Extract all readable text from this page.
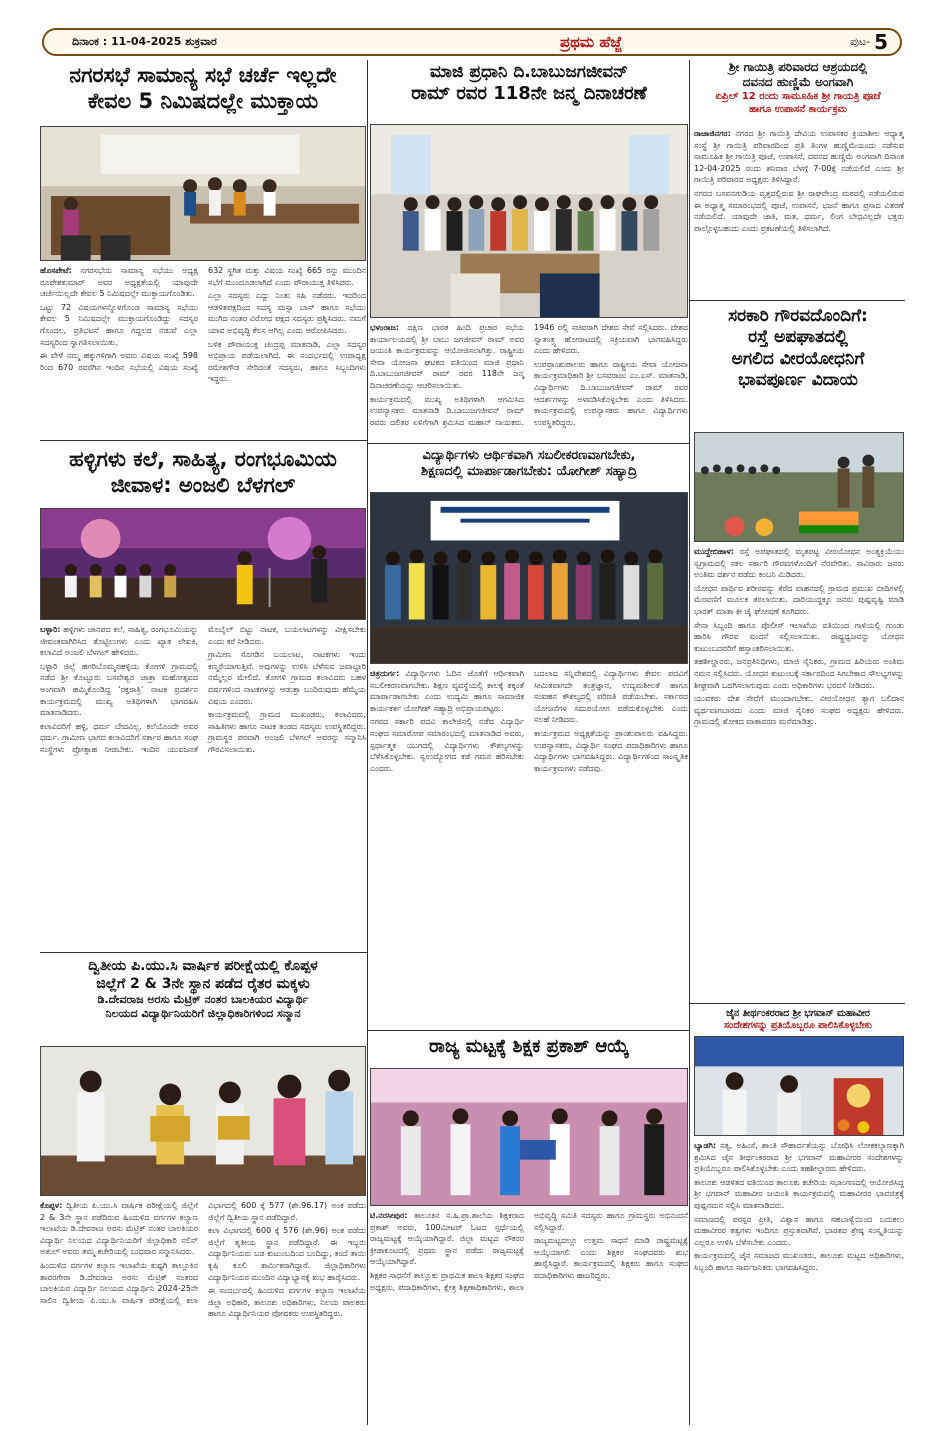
ದಿನಾಂಕ : 11-04-2025 ಶುಕ್ರವಾರ	ಪ್ರಥಮ ಹೆಜ್ಜೆ	ಪುಟ- 5
ನಗರಸಭೆ ಸಾಮಾನ್ಯ ಸಭೆ ಚರ್ಚೆ ಇಲ್ಲದೇ
ಕೇವಲ 5 ನಿಮಿಷದಲ್ಲೇ ಮುಕ್ತಾಯ

ಹೊಸಪೇಟೆ: ನಗರಸಭೆಯ ಸಾಮಾನ್ಯ ಸಭೆಯು ಅಧ್ಯಕ್ಷ ರೂಪೇಶಕುಮಾರ್ ಅವರ ಅಧ್ಯಕ್ಷತೆಯಲ್ಲಿ ಯಾವುದೇ ಚರ್ಚೆಯಿಲ್ಲದೇ ಕೇವಲ 5 ನಿಮಿಷದಲ್ಲೇ ಮುಕ್ತಾಯಗೊಂಡಿತು.

ಒಟ್ಟು 72 ವಿಷಯಗಳನ್ನೊಳಗೊಂಡ ಸಾಮಾನ್ಯ ಸಭೆಯು ಕೇವಲ 5 ನಿಮಿಷದಲ್ಲೇ ಮುಕ್ತಾಯಗೊಂಡಿದ್ದು ಸದಸ್ಯರ ಗೊಂದಲ, ಪ್ರತಿಭಟನೆ ಹಾಗೂ ಗದ್ದಲದ ನಡುವೆ ಎಲ್ಲಾ ಸದಸ್ಯರಿಂದ ಸ್ವಾಗತಿಸಲಾಯಿತು.

ಈ ವೇಳೆ ನಮ್ಮ ಹಕ್ಕುಗಳಿಗಾಗಿ ಅವರು ವಿಷಯ ಸಂಖ್ಯೆ 598 ರಿಂದ 670 ರವರೆಗಿನ ಇಂದಿನ ಸಭೆಯಲ್ಲಿ ವಿಷಯ ಸಂಖ್ಯೆ 632 ಸ್ಥಗಿತ ಮತ್ತು ವಿಷಯ ಸಂಖ್ಯೆ 665 ರನ್ನು ಮುಂದಿನ ಸಭೆಗೆ ಮುಂದೂಡಲಾಗಿದೆ ಎಂದು ಪೌರಾಯುಕ್ತ ತಿಳಿಸಿದರು.

ಎಲ್ಲಾ ಸದಸ್ಯರು ಎದ್ದು ನಿಂತು ಸಹಿ ನಡೆದರು. ಇದರಿಂದ ಆಡಳಿತಪಕ್ಷದಿಂದ ಸದಸ್ಯ ಮಸ್ಸಾ ಬಾಸ್ ಹಾಗೂ ಸಭೆಯು ಮುಗಿದ ನಂತರ ವಿರೋಧ ಪಕ್ಷದ ಸದಸ್ಯರು ಪ್ರಶ್ನಿಸಿದರು. ನಮಗೆ ಯಾವ ಅಭಿವೃದ್ಧಿ ಕೆಲಸ ಆಗಿಲ್ಲ ಎಂದು ಆರೋಪಿಸಿದರು.

ಬಳಿಕ ಪೌರಾಯುಕ್ತ ಚಂದ್ರಪ್ಪ ಮಾತನಾಡಿ, ಎಲ್ಲಾ ಸದಸ್ಯರ ಅಭಿಪ್ರಾಯ ಪಡೆಯಲಾಗಿದೆ. ಈ ಸಂದರ್ಭದಲ್ಲಿ ಉಪಾಧ್ಯಕ್ಷ ರಮೇಶಗೌಡ ಸೇರಿದಂತೆ ಸದಸ್ಯರು, ಹಾಗೂ ಸಿಬ್ಬಂದಿಗಳು ಇದ್ದರು.

ಮಾಜಿ ಪ್ರಧಾನಿ ದಿ.ಬಾಬುಜಗಜೀವನ್
ರಾಮ್ ರವರ 118ನೇ ಜನ್ಮ ದಿನಾಚರಣೆ

ಭಳಂರಾಜ: ದಕ್ಷಿಣ ಭಾರತ ಹಿಂದಿ ಪ್ರಚಾರ ಸಭೆಯ ಕಾರ್ಯಾಲಯದಲ್ಲಿ ಶ್ರೀ ಬಾಬು ಜಗಜೀವನ್ ರಾಮ್ ಅವರ ಜಯಂತಿ ಕಾರ್ಯಕ್ರಮವನ್ನು ಆಯೋಜಿಸಲಾಗಿತ್ತು. ರಾಷ್ಟ್ರೀಯ ಸೇವಾ ಯೋಜನಾ ಘಟಕದ ವತಿಯಿಂದ ಮಾಜಿ ಪ್ರಧಾನಿ ದಿ.ಬಾಬುಜಗಜೀವನ್ ರಾಮ್ ರವರ 118ನೇ ಜನ್ಮ ದಿನಾಚರಣೆಯನ್ನು ಆಚರಿಸಲಾಯಿತು.

ಕಾರ್ಯಕ್ರಮದಲ್ಲಿ ಮುಖ್ಯ ಅತಿಥಿಗಳಾಗಿ ಆಗಮಿಸಿದ ಉಪನ್ಯಾಸಕರು ಮಾತನಾಡಿ ದಿ.ಬಾಬುಜಗಜೀವನ್ ರಾಮ್ ರವರು ದಲಿತರ ಏಳಿಗೆಗಾಗಿ ಶ್ರಮಿಸಿದ ಮಹಾನ್ ನಾಯಕರು. 1946 ರಲ್ಲಿ ಸಚಿವರಾಗಿ ದೇಶದ ಸೇವೆ ಸಲ್ಲಿಸಿದರು. ದೇಶದ ಸ್ವಾತಂತ್ರ್ಯ ಹೋರಾಟದಲ್ಲಿ ಸಕ್ರಿಯವಾಗಿ ಭಾಗವಹಿಸಿದ್ದರು ಎಂದು ಹೇಳಿದರು.

ಉಪಪ್ರಾಂಶುಪಾಲರು ಹಾಗೂ ರಾಷ್ಟ್ರೀಯ ಸೇವಾ ಯೋಜನಾ ಕಾರ್ಯಕ್ರಮಾಧಿಕಾರಿ ಶ್ರೀ ಬಸವರಾಜು ಎಂ.ಎಸ್. ಮಾತನಾಡಿ, ವಿದ್ಯಾರ್ಥಿಗಳು ದಿ.ಬಾಬುಜಗಜೀವನ್ ರಾಮ್ ರವರ ಆದರ್ಶಗಳನ್ನು ಅಳವಡಿಸಿಕೊಳ್ಳಬೇಕು ಎಂದು ತಿಳಿಸಿದರು. ಕಾರ್ಯಕ್ರಮದಲ್ಲಿ ಉಪನ್ಯಾಸಕರು ಹಾಗೂ ವಿದ್ಯಾರ್ಥಿಗಳು ಉಪಸ್ಥಿತರಿದ್ದರು.

ಶ್ರೀ ಗಾಯಿತ್ರಿ ಪರಿವಾರದ ಆಶ್ರಯದಲ್ಲಿ
ದವನದ ಹುಣ್ಣಿಮೆ ಅಂಗವಾಗಿ
ಏಪ್ರಿಲ್ 12 ರಂದು ಸಾಮೂಹಿಕ ಶ್ರೀ ಗಾಯತ್ರಿ ಪೂಜೆ
ಹಾಗೂ ಉಪಾಸನೆ ಕಾರ್ಯಕ್ರಮ

ರಾಜಾಜಿನಗರ: ನಗರದ ಶ್ರೀ ಗಾಯಿತ್ರಿ ದೇವಿಯ ಉಪಾಸಕರ ಕ್ರಿಯಾಶೀಲ ಆಧ್ಯಾತ್ಮ ಸಂಸ್ಥೆ ಶ್ರೀ ಗಾಯಿತ್ರಿ ಪರಿವಾರದಿಂದ ಪ್ರತಿ ತಿಂಗಳ ಹುಣ್ಣಿಮೆಯಂದು ನಡೆಸುವ ಸಾಮೂಹಿಕ ಶ್ರೀ ಗಾಯಿತ್ರಿ ಪೂಜೆ, ಉಪಾಸನೆ, ದವನದ ಹುಣ್ಣಿಮೆ ಅಂಗವಾಗಿ ದಿನಾಂಕ 12-04-2025 ರಂದು ಶನಿವಾರ ಬೆಳಗ್ಗೆ 7-00ಕ್ಕೆ ನಡೆಯಲಿದೆ ಎಂದು ಶ್ರೀ ಗಾಯಿತ್ರಿ ಪರಿವಾರದ ಅಧ್ಯಕ್ಷರು ತಿಳಿಸಿದ್ದಾರೆ.

ನಗರದ ಬಸವನಗುಡಿಯ ವೃತ್ತದಲ್ಲಿರುವ ಶ್ರೀ ರಾಘವೇಂದ್ರ ಮಠದಲ್ಲಿ ನಡೆಯಲಿರುವ ಈ ಅಧ್ಯಾತ್ಮ ಸಮಾರಂಭದಲ್ಲಿ ಪೂಜೆ, ಉಪಾಸನೆ, ಭಜನೆ ಹಾಗೂ ಪ್ರಸಾದ ವಿತರಣೆ ನಡೆಯಲಿದೆ. ಯಾವುದೇ ಜಾತಿ, ಮತ, ಧರ್ಮ, ಲಿಂಗ ಬೇಧವಿಲ್ಲದೇ ಭಕ್ತರು ಪಾಲ್ಗೊಳ್ಳಬಹುದು ಎಂದು ಪ್ರಕಟಣೆಯಲ್ಲಿ ತಿಳಿಸಲಾಗಿದೆ.

ಹಳ್ಳಿಗಳು ಕಲೆ, ಸಾಹಿತ್ಯ, ರಂಗಭೂಮಿಯ
ಜೀವಾಳ: ಅಂಜಲಿ ಬೆಳಗಲ್

ಬಳ್ಳಾರಿ: ಹಳ್ಳಿಗಳು ಜಾನಪದ ಕಲೆ, ಸಾಹಿತ್ಯ, ರಂಗಭೂಮಿಯನ್ನು ಜೀವಂತವಾಗಿರಿಸಿದ ತೊಟ್ಟಿಲುಗಳು ಎಂದು ಖ್ಯಾತ ಲೇಖಕಿ, ಕಲಾವಿದೆ ಅಂಜಲಿ ಬೆಳಗಲ್ ಹೇಳಿದರು.

ಬಳ್ಳಾರಿ ಜಿಲ್ಲೆ ಹಗರಿಬೊಮ್ಮನಹಳ್ಳಿಯ ಕೋಗಳಿ ಗ್ರಾಮದಲ್ಲಿ ನಡೆದ ಶ್ರೀ ಕೊಟ್ಟೂರು ಬಸವೇಶ್ವರ ಜಾತ್ರಾ ಮಹೋತ್ಸವದ ಅಂಗವಾಗಿ ಹಮ್ಮಿಕೊಂಡಿದ್ದ ‘ರಕ್ತರಾತ್ರಿ’ ನಾಟಕ ಪ್ರದರ್ಶನ ಕಾರ್ಯಕ್ರಮದಲ್ಲಿ ಮುಖ್ಯ ಅತಿಥಿಗಳಾಗಿ ಭಾಗವಹಿಸಿ ಮಾತನಾಡಿದರು.

ಕಲಾವಿದರಿಗೆ ಹಳ್ಳಿ, ಧರ್ಮ ಬೇದವಿಲ್ಲ. ಕಲೆಯೊಂದೇ ಅವರ ಧರ್ಮ. ಗ್ರಾಮೀಣ ಭಾಗದ ಕಲಾವಿದರಿಗೆ ಸರ್ಕಾರ ಹಾಗೂ ಸಂಘ ಸಂಸ್ಥೆಗಳು ಪ್ರೋತ್ಸಾಹ ನೀಡಬೇಕು. ಇಂದಿನ ಯುವಜನತೆ ಮೊಬೈಲ್ ಬಿಟ್ಟು ನಾಟಕ, ಬಯಲಾಟಗಳನ್ನು ವೀಕ್ಷಿಸಬೇಕು ಎಂದು ಕರೆ ನೀಡಿದರು.

ಗ್ರಾಮೀಣ ಸೊಗಡಿನ ಬಯಲಾಟ, ನಾಟಕಗಳು ಇಂದು ಕಣ್ಮರೆಯಾಗುತ್ತಿವೆ. ಅವುಗಳನ್ನು ಉಳಿಸಿ ಬೆಳೆಸುವ ಜವಾಬ್ದಾರಿ ನಮ್ಮೆಲ್ಲರ ಮೇಲಿದೆ. ಕೋಗಳಿ ಗ್ರಾಮದ ಕಲಾವಿದರು ಬಹಳ ವರ್ಷಗಳಿಂದ ನಾಟಕಗಳನ್ನು ಆಡುತ್ತಾ ಬಂದಿರುವುದು ಹೆಮ್ಮೆಯ ವಿಷಯ ಎಂದರು.

ಕಾರ್ಯಕ್ರಮದಲ್ಲಿ ಗ್ರಾಮದ ಮುಖಂಡರು, ಕಲಾವಿದರು, ಸಾಹಿತಿಗಳು ಹಾಗೂ ನಾಟಕ ತಂಡದ ಸದಸ್ಯರು ಉಪಸ್ಥಿತರಿದ್ದರು. ಗ್ರಾಮಸ್ಥರ ಪರವಾಗಿ ಅಂಜಲಿ ಬೆಳಗಲ್ ಅವರನ್ನು ಸನ್ಮಾನಿಸಿ ಗೌರವಿಸಲಾಯಿತು.

ವಿದ್ಯಾರ್ಥಿಗಳು ಆರ್ಥಿಕವಾಗಿ ಸಬಲೀಕರಣವಾಗಬೇಕು,
ಶಿಕ್ಷಣದಲ್ಲಿ ಮಾರ್ಪಾಡಾಗಬೇಕು: ಯೋಗೀಶ್ ಸಹ್ಯಾದ್ರಿ

ಚಿತ್ರದುರ್ಗ: ವಿದ್ಯಾರ್ಥಿಗಳು ಓದಿನ ಜೊತೆಗೆ ಆರ್ಥಿಕವಾಗಿ ಸಬಲೀಕರಣವಾಗಬೇಕು. ಶಿಕ್ಷಣ ವ್ಯವಸ್ಥೆಯಲ್ಲಿ ಕಾಲಕ್ಕೆ ತಕ್ಕಂತೆ ಮಾರ್ಪಾಡಾಗಬೇಕು ಎಂದು ಉದ್ಯಮಿ ಹಾಗೂ ಸಾಮಾಜಿಕ ಕಾರ್ಯಕರ್ತ ಯೋಗೀಶ್ ಸಹ್ಯಾದ್ರಿ ಅಭಿಪ್ರಾಯಪಟ್ಟರು.

ನಗರದ ಸರ್ಕಾರಿ ಪದವಿ ಕಾಲೇಜಿನಲ್ಲಿ ನಡೆದ ವಿದ್ಯಾರ್ಥಿ ಸಂಘದ ಸಮಾರೋಪ ಸಮಾರಂಭದಲ್ಲಿ ಮಾತನಾಡಿದ ಅವರು, ಸ್ಪರ್ಧಾತ್ಮಕ ಯುಗದಲ್ಲಿ ವಿದ್ಯಾರ್ಥಿಗಳು ಕೌಶಲ್ಯಗಳನ್ನು ಬೆಳೆಸಿಕೊಳ್ಳಬೇಕು. ಸ್ವಉದ್ಯೋಗದ ಕಡೆ ಗಮನ ಹರಿಸಬೇಕು ಎಂದರು.

ಬದಲಾದ ಸನ್ನಿವೇಶದಲ್ಲಿ ವಿದ್ಯಾರ್ಥಿಗಳು ಕೇವಲ ಪದವಿಗೆ ಸೀಮಿತವಾಗದೇ ತಂತ್ರಜ್ಞಾನ, ಉದ್ಯಮಶೀಲತೆ ಹಾಗೂ ಸಂವಹನ ಕೌಶಲ್ಯದಲ್ಲಿ ಪರಿಣತಿ ಪಡೆಯಬೇಕು. ಸರ್ಕಾರದ ಯೋಜನೆಗಳ ಸದುಪಯೋಗ ಪಡೆದುಕೊಳ್ಳಬೇಕು ಎಂದು ಸಲಹೆ ನೀಡಿದರು.

ಕಾರ್ಯಕ್ರಮದ ಅಧ್ಯಕ್ಷತೆಯನ್ನು ಪ್ರಾಂಶುಪಾಲರು ವಹಿಸಿದ್ದರು. ಉಪನ್ಯಾಸಕರು, ವಿದ್ಯಾರ್ಥಿ ಸಂಘದ ಪದಾಧಿಕಾರಿಗಳು ಹಾಗೂ ವಿದ್ಯಾರ್ಥಿಗಳು ಭಾಗವಹಿಸಿದ್ದರು. ವಿದ್ಯಾರ್ಥಿಗಳಿಂದ ಸಾಂಸ್ಕೃತಿಕ ಕಾರ್ಯಕ್ರಮಗಳು ನಡೆದವು.

ಸರಕಾರಿ ಗೌರವದೊಂದಿಗೆ:
ರಸ್ತೆ ಅಪಘಾತದಲ್ಲಿ
ಅಗಲಿದ ವೀರಯೋಧನಿಗೆ
ಭಾವಪೂರ್ಣ ವಿದಾಯ

ಮುದ್ದೇಬಿಹಾಳ: ರಸ್ತೆ ಅಪಘಾತದಲ್ಲಿ ಮೃತಪಟ್ಟ ವೀರಯೋಧನ ಅಂತ್ಯಕ್ರಿಯೆಯು ಸ್ವಗ್ರಾಮದಲ್ಲಿ ಸಕಲ ಸರ್ಕಾರಿ ಗೌರವಗಳೊಂದಿಗೆ ನೆರವೇರಿತು. ಸಾವಿರಾರು ಜನರು ಅಂತಿಮ ದರ್ಶನ ಪಡೆದು ಕಂಬನಿ ಮಿಡಿದರು.

ಯೋಧನ ಪಾರ್ಥಿವ ಶರೀರವನ್ನು ತೆರೆದ ವಾಹನದಲ್ಲಿ ಗ್ರಾಮದ ಪ್ರಮುಖ ಬೀದಿಗಳಲ್ಲಿ ಮೆರವಣಿಗೆ ಮೂಲಕ ತರಲಾಯಿತು. ದಾರಿಯುದ್ದಕ್ಕೂ ಜನರು ಪುಷ್ಪವೃಷ್ಟಿ ಮಾಡಿ ಭಾರತ್ ಮಾತಾ ಕೀ ಜೈ ಘೋಷಣೆ ಕೂಗಿದರು.

ಸೇನಾ ಸಿಬ್ಬಂದಿ ಹಾಗೂ ಪೊಲೀಸ್ ಇಲಾಖೆಯ ವತಿಯಿಂದ ಗಾಳಿಯಲ್ಲಿ ಗುಂಡು ಹಾರಿಸಿ ಗೌರವ ವಂದನೆ ಸಲ್ಲಿಸಲಾಯಿತು. ರಾಷ್ಟ್ರಧ್ವಜವನ್ನು ಯೋಧನ ಕುಟುಂಬದವರಿಗೆ ಹಸ್ತಾಂತರಿಸಲಾಯಿತು.

ತಹಶೀಲ್ದಾರರು, ಜನಪ್ರತಿನಿಧಿಗಳು, ಮಾಜಿ ಸೈನಿಕರು, ಗ್ರಾಮದ ಹಿರಿಯರು ಅಂತಿಮ ನಮನ ಸಲ್ಲಿಸಿದರು. ಯೋಧನ ಕುಟುಂಬಕ್ಕೆ ಸರ್ಕಾರದಿಂದ ಸಿಗಬೇಕಾದ ಸೌಲಭ್ಯಗಳನ್ನು ಶೀಘ್ರವಾಗಿ ಒದಗಿಸಲಾಗುವುದು ಎಂದು ಅಧಿಕಾರಿಗಳು ಭರವಸೆ ನೀಡಿದರು.

ಯುವಕರು ದೇಶ ಸೇವೆಗೆ ಮುಂದಾಗಬೇಕು. ವೀರಯೋಧನ ತ್ಯಾಗ ಬಲಿದಾನ ವ್ಯರ್ಥವಾಗಬಾರದು ಎಂದು ಮಾಜಿ ಸೈನಿಕರ ಸಂಘದ ಅಧ್ಯಕ್ಷರು ಹೇಳಿದರು. ಗ್ರಾಮದಲ್ಲಿ ಶೋಕದ ವಾತಾವರಣ ಮನೆಮಾಡಿತ್ತು.

ದ್ವಿತೀಯ ಪಿ.ಯು.ಸಿ ವಾರ್ಷಿಕ ಪರೀಕ್ಷೆಯಲ್ಲಿ ಕೊಪ್ಪಳ
ಜಿಲ್ಲೆಗೆ 2 & 3ನೇ ಸ್ಥಾನ ಪಡೆದ ರೈತರ ಮಕ್ಕಳು
ಡಿ.ದೇವರಾಜ ಅರಸು ಮೆಟ್ರಿಕ್ ನಂತರ ಬಾಲಕಿಯರ ವಿದ್ಯಾರ್ಥಿ
ನಿಲಯದ ವಿದ್ಯಾರ್ಥಿನಿಯರಿಗೆ ಜಿಲ್ಲಾಧಿಕಾರಿಗಳಿಂದ ಸನ್ಮಾನ

ಕೊಪ್ಪಳ: ದ್ವಿತೀಯ ಪಿ.ಯು.ಸಿ ವಾರ್ಷಿಕ ಪರೀಕ್ಷೆಯಲ್ಲಿ ಜಿಲ್ಲೆಗೆ 2 & 3ನೇ ಸ್ಥಾನ ಪಡೆದಿರುವ ಹಿಂದುಳಿದ ವರ್ಗಗಳ ಕಲ್ಯಾಣ ಇಲಾಖೆಯ ಡಿ.ದೇವರಾಜ ಅರಸು ಮೆಟ್ರಿಕ್ ನಂತರ ಬಾಲಕಿಯರ ವಿದ್ಯಾರ್ಥಿ ನಿಲಯದ ವಿದ್ಯಾರ್ಥಿನಿಯರಿಗೆ ಜಿಲ್ಲಾಧಿಕಾರಿ ನಲಿನ್ ಅತುಲ್ ಅವರು ತಮ್ಮ ಕಚೇರಿಯಲ್ಲಿ ಬುಧವಾರ ಸನ್ಮಾನಿಸಿದರು.

ಹಿಂದುಳಿದ ವರ್ಗಗಳ ಕಲ್ಯಾಣ ಇಲಾಖೆಯ ಕುಷ್ಟಗಿ ತಾಲ್ಲೂಕಿನ ತಾವರಗೇರಾ ಡಿ.ದೇವರಾಜ ಅರಸು ಮೆಟ್ರಿಕ್ ನಂತರದ ಬಾಲಕಿಯರ ವಿದ್ಯಾರ್ಥಿ ನಿಲಯದ ವಿದ್ಯಾರ್ಥಿನಿ 2024-25ನೇ ಸಾಲಿನ ದ್ವಿತೀಯ ಪಿ.ಯು.ಸಿ ವಾರ್ಷಿಕ ಪರೀಕ್ಷೆಯಲ್ಲಿ ಕಲಾ ವಿಭಾಗದಲ್ಲಿ 600 ಕ್ಕೆ 577 (ಶೇ.96.17) ಅಂಕ ಪಡೆದು ಜಿಲ್ಲೆಗೆ ದ್ವಿತೀಯ ಸ್ಥಾನ ಪಡೆದಿದ್ದಾರೆ.

ಕಲಾ ವಿಭಾಗದಲ್ಲಿ 600 ಕ್ಕೆ 576 (ಶೇ.96) ಅಂಕ ಪಡೆದು ಜಿಲ್ಲೆಗೆ ತೃತೀಯ ಸ್ಥಾನ ಪಡೆದಿದ್ದಾರೆ. ಈ ಇಬ್ಬರು ವಿದ್ಯಾರ್ಥಿನಿಯರು ಬಡ ಕುಟುಂಬದಿಂದ ಬಂದಿದ್ದು, ತಂದೆ ತಾಯಿ ಕೃಷಿ ಕೂಲಿ ಕಾರ್ಮಿಕರಾಗಿದ್ದಾರೆ. ಜಿಲ್ಲಾಧಿಕಾರಿಗಳು ವಿದ್ಯಾರ್ಥಿನಿಯರ ಮುಂದಿನ ವಿದ್ಯಾಭ್ಯಾಸಕ್ಕೆ ಶುಭ ಹಾರೈಸಿದರು.

ಈ ಸಂದರ್ಭದಲ್ಲಿ ಹಿಂದುಳಿದ ವರ್ಗಗಳ ಕಲ್ಯಾಣ ಇಲಾಖೆಯ ಜಿಲ್ಲಾ ಅಧಿಕಾರಿ, ತಾಲೂಕು ಅಧಿಕಾರಿಗಳು, ನಿಲಯ ಪಾಲಕರು ಹಾಗೂ ವಿದ್ಯಾರ್ಥಿನಿಯರ ಪೋಷಕರು ಉಪಸ್ಥಿತರಿದ್ದರು.

ರಾಜ್ಯ ಮಟ್ಟಕ್ಕೆ ಶಿಕ್ಷಕ ಪ್ರಕಾಶ್ ಆಯ್ಕೆ

ಟಿ.ನರಸೀಪುರ: ತಾಲೂಕಿನ ಸ.ಹಿ.ಪ್ರಾ.ಶಾಲೆಯ ಶಿಕ್ಷಕರಾದ ಪ್ರಕಾಶ್ ಅವರು, 100ಮೀಟರ್ ಓಟದ ಸ್ಪರ್ಧೆಯಲ್ಲಿ ರಾಜ್ಯಮಟ್ಟಕ್ಕೆ ಆಯ್ಕೆಯಾಗಿದ್ದಾರೆ. ಜಿಲ್ಲಾ ಮಟ್ಟದ ನೌಕರರ ಕ್ರೀಡಾಕೂಟದಲ್ಲಿ ಪ್ರಥಮ ಸ್ಥಾನ ಪಡೆದು ರಾಜ್ಯಮಟ್ಟಕ್ಕೆ ಆಯ್ಕೆಯಾಗಿದ್ದಾರೆ.

ಶಿಕ್ಷಕರ ಸಾಧನೆಗೆ ತಾಲ್ಲೂಕು ಪ್ರಾಥಮಿಕ ಶಾಲಾ ಶಿಕ್ಷಕರ ಸಂಘದ ಅಧ್ಯಕ್ಷರು, ಪದಾಧಿಕಾರಿಗಳು, ಕ್ಷೇತ್ರ ಶಿಕ್ಷಣಾಧಿಕಾರಿಗಳು, ಶಾಲಾ ಅಭಿವೃದ್ಧಿ ಸಮಿತಿ ಸದಸ್ಯರು ಹಾಗೂ ಗ್ರಾಮಸ್ಥರು ಅಭಿನಂದನೆ ಸಲ್ಲಿಸಿದ್ದಾರೆ.

ರಾಜ್ಯಮಟ್ಟದಲ್ಲೂ ಉತ್ತಮ ಸಾಧನೆ ಮಾಡಿ ರಾಷ್ಟ್ರಮಟ್ಟಕ್ಕೆ ಆಯ್ಕೆಯಾಗಲಿ ಎಂದು ಶಿಕ್ಷಕರ ಸಂಘದವರು ಶುಭ ಹಾರೈಸಿದ್ದಾರೆ. ಕಾರ್ಯಕ್ರಮದಲ್ಲಿ ಶಿಕ್ಷಕರು ಹಾಗೂ ಸಂಘದ ಪದಾಧಿಕಾರಿಗಳು ಹಾಜರಿದ್ದರು.

ಜೈನ ತೀರ್ಥಂಕರರಾದ ಶ್ರೀ ಭಗವಾನ್ ಮಹಾವೀರ
ಸಂದೇಶಗಳನ್ನು ಪ್ರತಿಯೊಬ್ಬರೂ ಪಾಲಿಸಿಕೊಳ್ಳಬೇಕು

ಬ್ಯಾಡಗಿ: ಸತ್ಯ, ಅಹಿಂಸೆ, ಶಾಂತಿ ಸೌಹಾರ್ದತೆಯನ್ನು ಬೋಧಿಸಿ ಲೋಕಕಲ್ಯಾಣಕ್ಕಾಗಿ ಶ್ರಮಿಸಿದ ಜೈನ ತೀರ್ಥಂಕರರಾದ ಶ್ರೀ ಭಗವಾನ್ ಮಹಾವೀರರ ಸಂದೇಶಗಳನ್ನು ಪ್ರತಿಯೊಬ್ಬರೂ ಪಾಲಿಸಿಕೊಳ್ಳಬೇಕು ಎಂದು ತಹಶೀಲ್ದಾರರು ಹೇಳಿದರು.

ತಾಲೂಕು ಆಡಳಿತದ ವತಿಯಿಂದ ತಾಲೂಕು ಕಚೇರಿಯ ಸಭಾಂಗಣದಲ್ಲಿ ಆಯೋಜಿಸಿದ್ದ ಶ್ರೀ ಭಗವಾನ್ ಮಹಾವೀರ ಜಯಂತಿ ಕಾರ್ಯಕ್ರಮದಲ್ಲಿ ಮಹಾವೀರರ ಭಾವಚಿತ್ರಕ್ಕೆ ಪುಷ್ಪನಮನ ಸಲ್ಲಿಸಿ ಮಾತನಾಡಿದರು.

ಸಮಾಜದಲ್ಲಿ ಪರಸ್ಪರ ಪ್ರೀತಿ, ವಿಶ್ವಾಸ ಹಾಗೂ ಸಹಬಾಳ್ವೆಯಿಂದ ಬದುಕಲು ಮಹಾವೀರರ ತತ್ವಗಳು ಇಂದಿಗೂ ಪ್ರಸ್ತುತವಾಗಿವೆ. ಭಾರತದ ಶ್ರೇಷ್ಠ ಸಂಸ್ಕೃತಿಯನ್ನು ಎಲ್ಲರೂ ಉಳಿಸಿ ಬೆಳೆಸಬೇಕು ಎಂದರು.

ಕಾರ್ಯಕ್ರಮದಲ್ಲಿ ಜೈನ ಸಮಾಜದ ಮುಖಂಡರು, ತಾಲೂಕು ಮಟ್ಟದ ಅಧಿಕಾರಿಗಳು, ಸಿಬ್ಬಂದಿ ಹಾಗೂ ಸಾರ್ವಜನಿಕರು ಭಾಗವಹಿಸಿದ್ದರು.
